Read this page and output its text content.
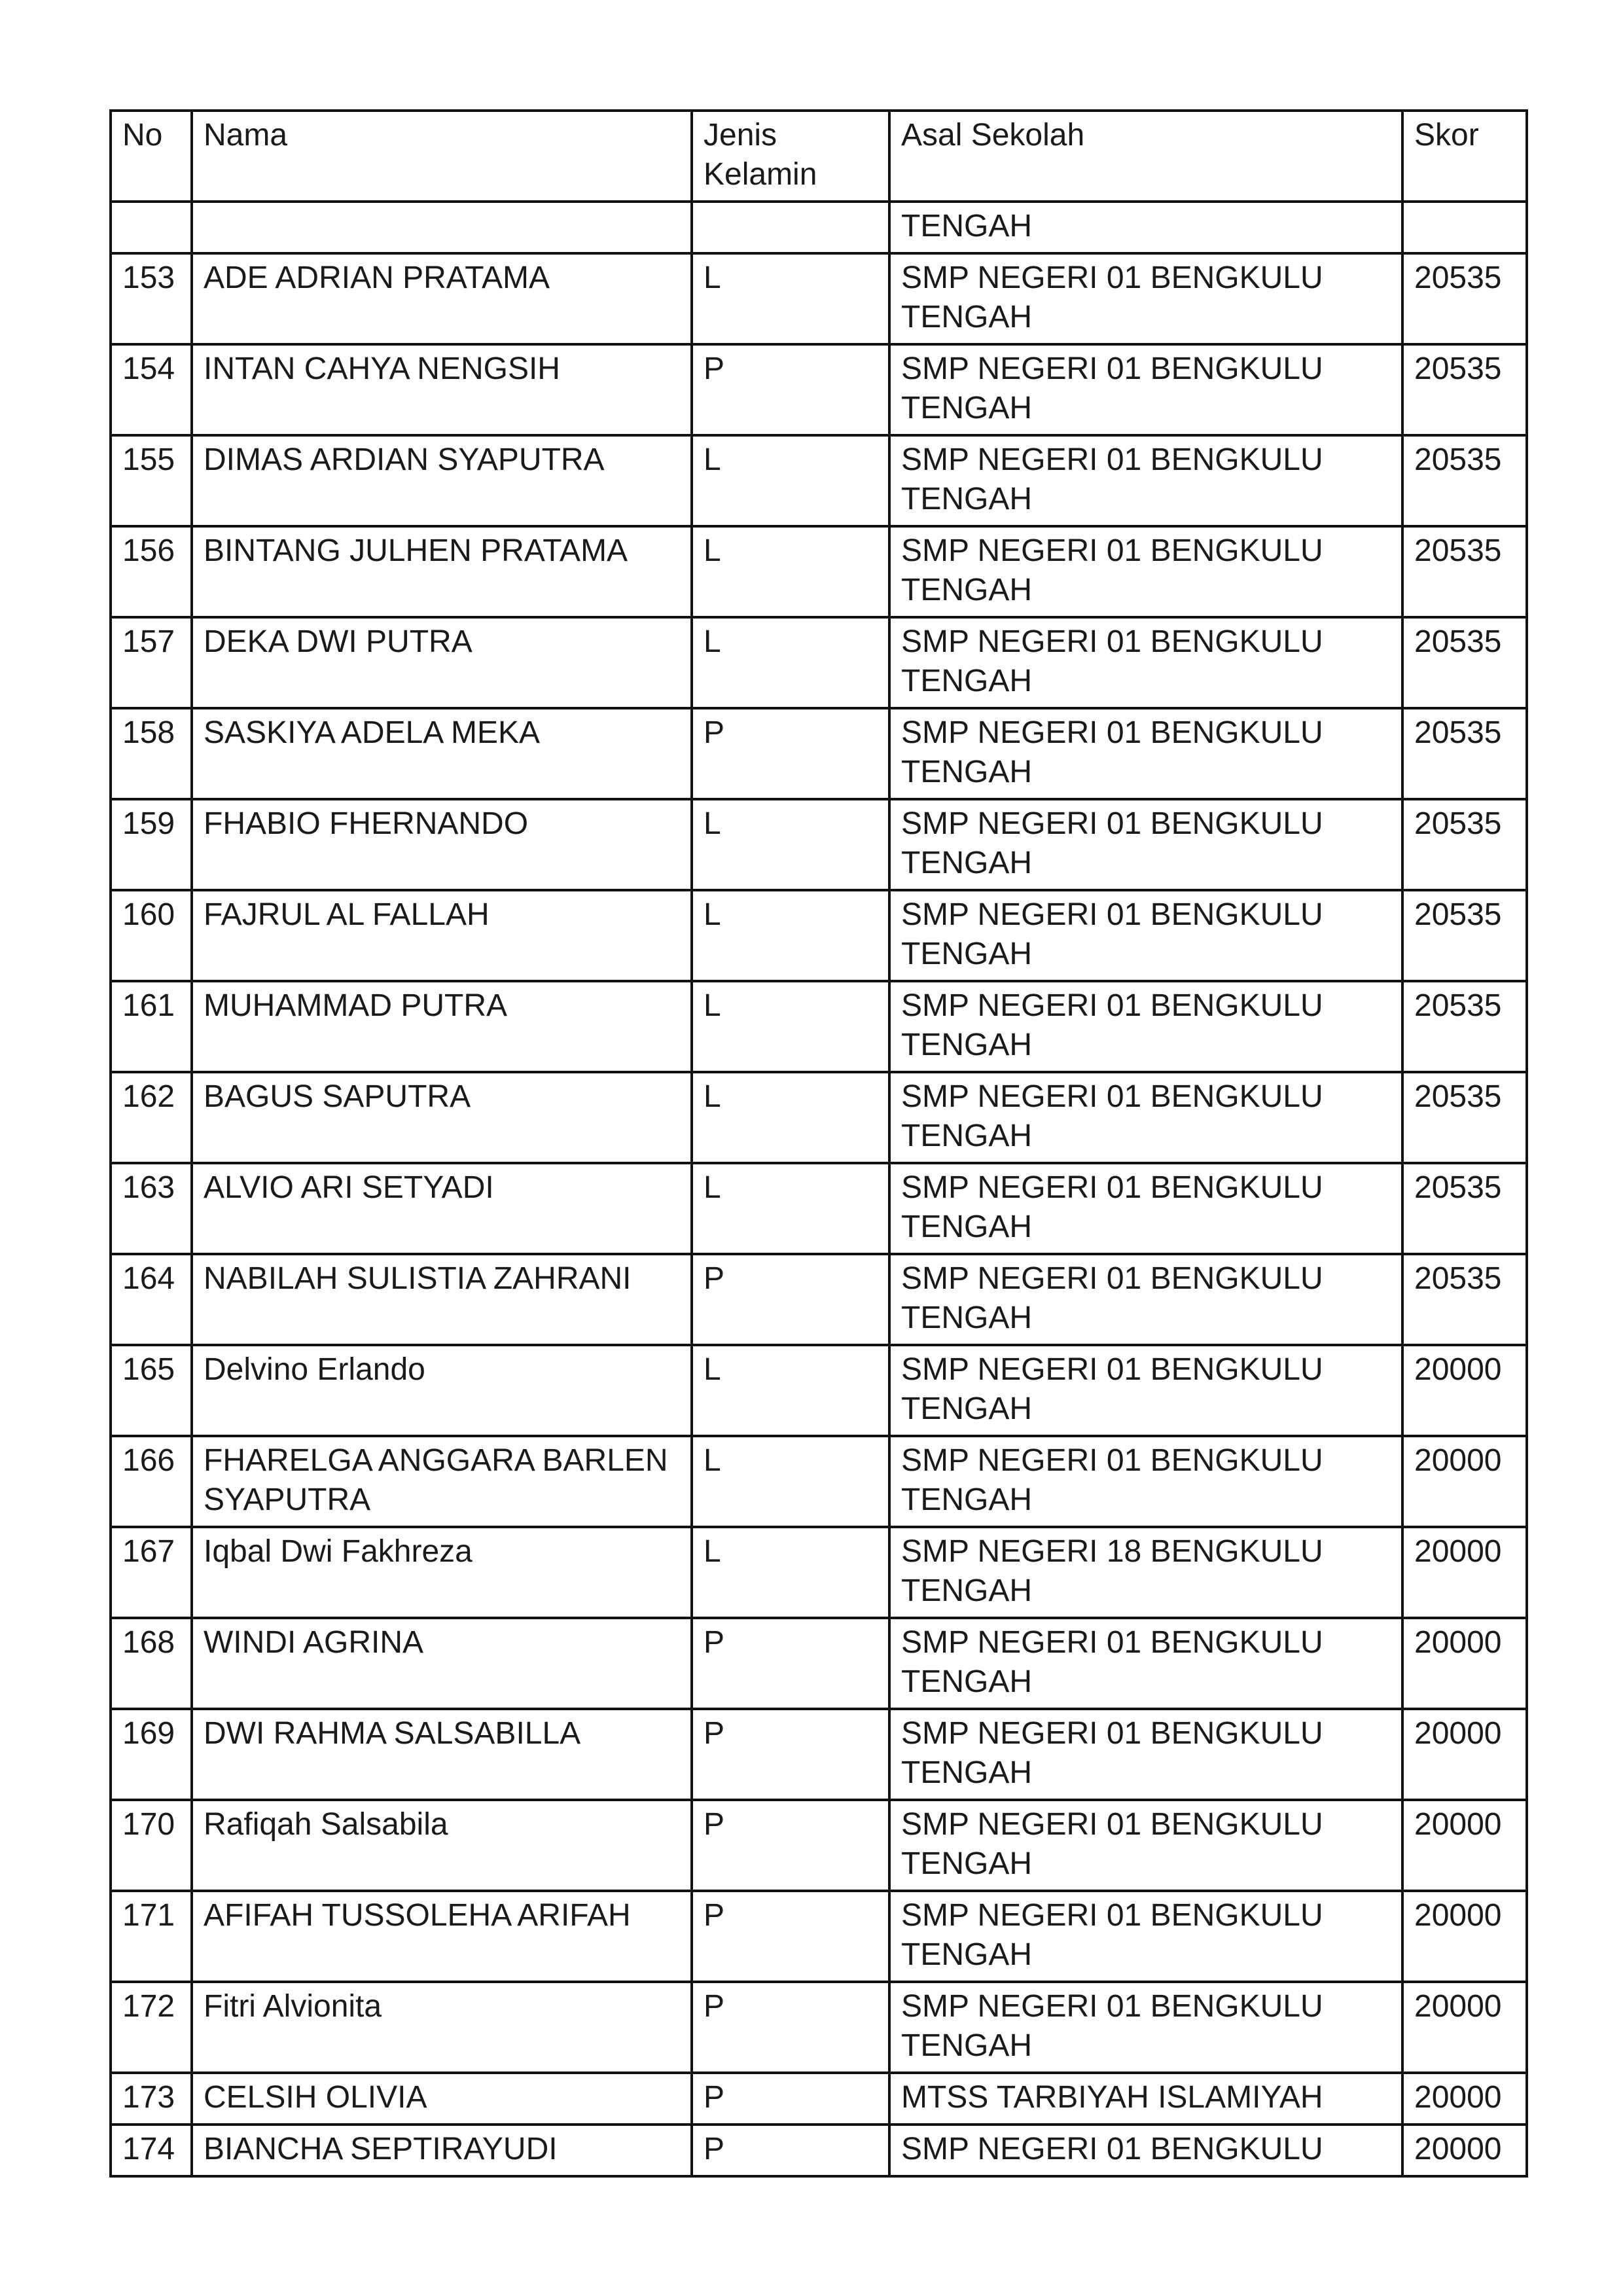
No	Nama	Jenis Kelamin	Asal Sekolah	Skor
			TENGAH	
153	ADE ADRIAN PRATAMA	L	SMP NEGERI 01 BENGKULU TENGAH	20535
154	INTAN CAHYA NENGSIH	P	SMP NEGERI 01 BENGKULU TENGAH	20535
155	DIMAS ARDIAN SYAPUTRA	L	SMP NEGERI 01 BENGKULU TENGAH	20535
156	BINTANG JULHEN PRATAMA	L	SMP NEGERI 01 BENGKULU TENGAH	20535
157	DEKA DWI PUTRA	L	SMP NEGERI 01 BENGKULU TENGAH	20535
158	SASKIYA ADELA MEKA	P	SMP NEGERI 01 BENGKULU TENGAH	20535
159	FHABIO FHERNANDO	L	SMP NEGERI 01 BENGKULU TENGAH	20535
160	FAJRUL AL FALLAH	L	SMP NEGERI 01 BENGKULU TENGAH	20535
161	MUHAMMAD PUTRA	L	SMP NEGERI 01 BENGKULU TENGAH	20535
162	BAGUS SAPUTRA	L	SMP NEGERI 01 BENGKULU TENGAH	20535
163	ALVIO ARI SETYADI	L	SMP NEGERI 01 BENGKULU TENGAH	20535
164	NABILAH SULISTIA ZAHRANI	P	SMP NEGERI 01 BENGKULU TENGAH	20535
165	Delvino Erlando	L	SMP NEGERI 01 BENGKULU TENGAH	20000
166	FHARELGA ANGGARA BARLEN SYAPUTRA	L	SMP NEGERI 01 BENGKULU TENGAH	20000
167	Iqbal Dwi Fakhreza	L	SMP NEGERI 18 BENGKULU TENGAH	20000
168	WINDI AGRINA	P	SMP NEGERI 01 BENGKULU TENGAH	20000
169	DWI RAHMA SALSABILLA	P	SMP NEGERI 01 BENGKULU TENGAH	20000
170	Rafiqah Salsabila	P	SMP NEGERI 01 BENGKULU TENGAH	20000
171	AFIFAH TUSSOLEHA ARIFAH	P	SMP NEGERI 01 BENGKULU TENGAH	20000
172	Fitri Alvionita	P	SMP NEGERI 01 BENGKULU TENGAH	20000
173	CELSIH OLIVIA	P	MTSS TARBIYAH ISLAMIYAH	20000
174	BIANCHA SEPTIRAYUDI	P	SMP NEGERI 01 BENGKULU	20000
